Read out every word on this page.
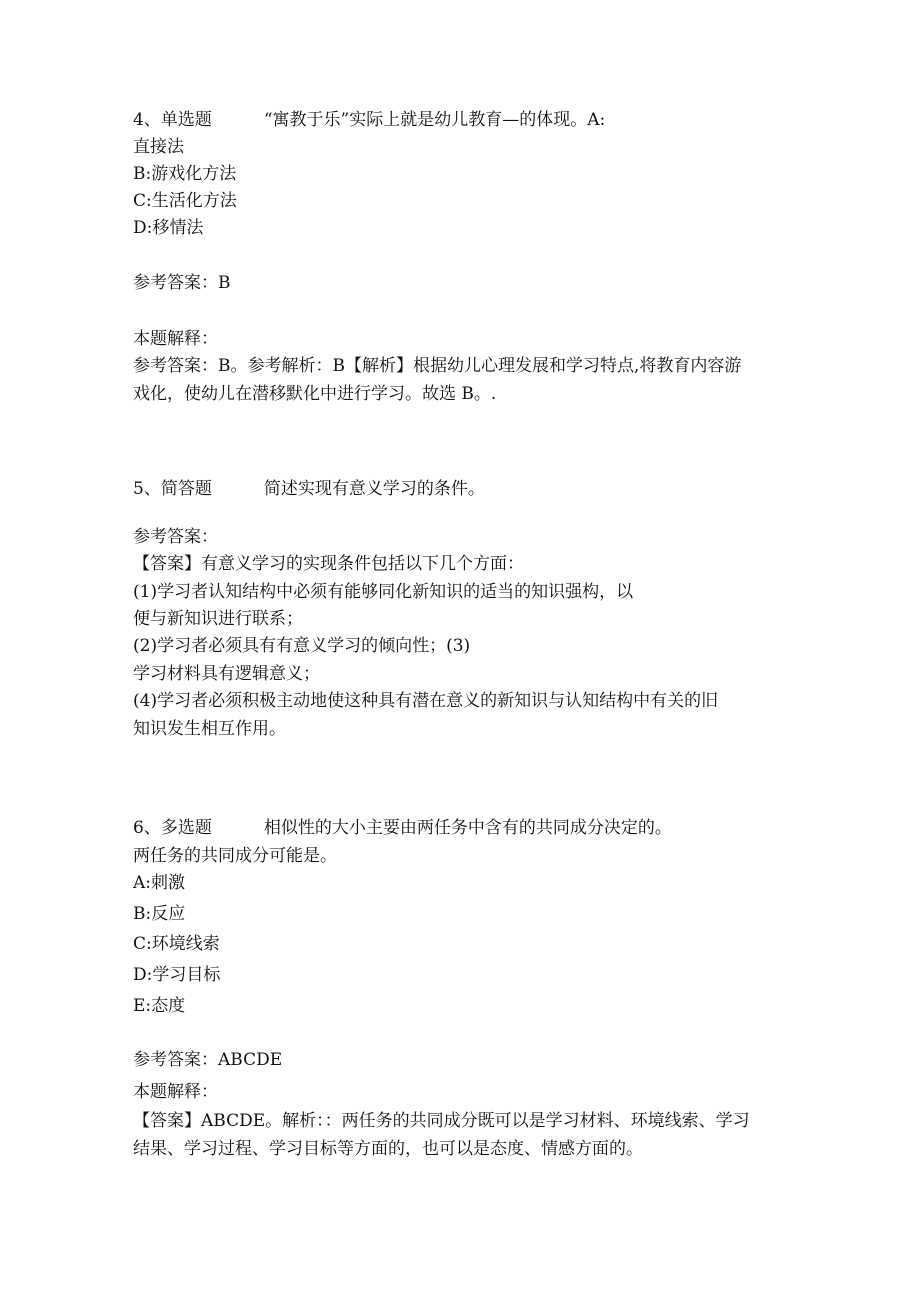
4、单选题	“寓教于乐”实际上就是幼儿教育—的体现。A:
直接法
B:游戏化方法
C:生活化方法
D:移情法
参考答案：B
本题解释：
参考答案：B。参考解析：B【解析】根据幼儿心理发展和学习特点,将教育内容游
戏化，使幼儿在潜移默化中进行学习。故选 B。.
5、简答题	简述实现有意义学习的条件。
参考答案：
【答案】有意义学习的实现条件包括以下几个方面：
(1)学习者认知结构中必须有能够同化新知识的适当的知识强构，以
便与新知识进行联系；
(2)学习者必须具有有意义学习的倾向性；(3)
学习材料具有逻辑意义；
(4)学习者必须积极主动地使这种具有潜在意义的新知识与认知结构中有关的旧
知识发生相互作用。
6、多选题	相似性的大小主要由两任务中含有的共同成分决定的。
两任务的共同成分可能是。
A:刺激
B:反应
C:环境线索
D:学习目标
E:态度
参考答案：ABCDE
本题解释：
【答案】ABCDE。解析：：两任务的共同成分既可以是学习材料、环境线索、学习
结果、学习过程、学习目标等方面的，也可以是态度、情感方面的。
